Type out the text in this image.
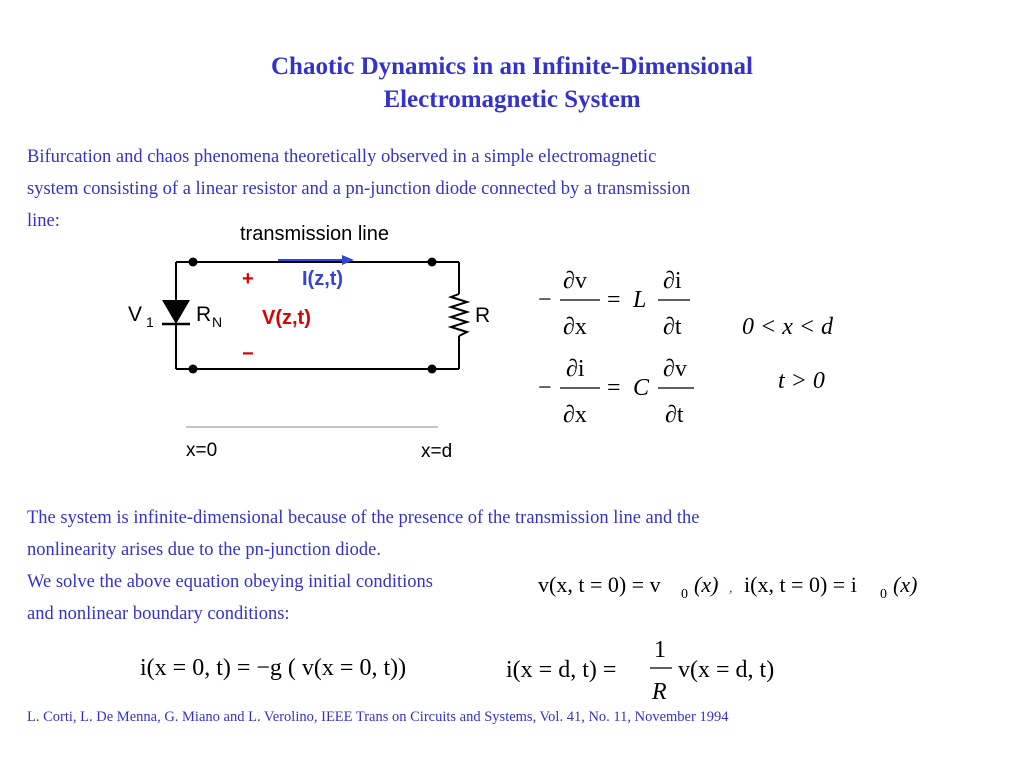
Chaotic Dynamics in an Infinite-Dimensional
Electromagnetic System

Bifurcation and chaos phenomena theoretically observed in a simple electromagnetic
system consisting of a linear resistor and a pn-junction diode connected by a transmission
line:

transmission line
+ I(z,t)
V(z,t)
−
V 1 R N	R
x=0	x=d
−
∂v
∂x
= L
∂i
∂t
−
∂i
∂x
= C
∂v
∂t
0 < x < d
t > 0

The system is infinite-dimensional because of the presence of the transmission line and the
nonlinearity arises due to the pn-junction diode.
We solve the above equation obeying initial conditions
and nonlinear boundary conditions:

v(x, t = 0) = v 0 (x) , i(x, t = 0) = i 0 (x)
i(x = 0, t) = −g ( v(x = 0, t))	i(x = d, t) =
1
R
v(x = d, t)
L. Corti, L. De Menna, G. Miano and L. Verolino, IEEE Trans on Circuits and Systems, Vol. 41, No. 11, November 1994
